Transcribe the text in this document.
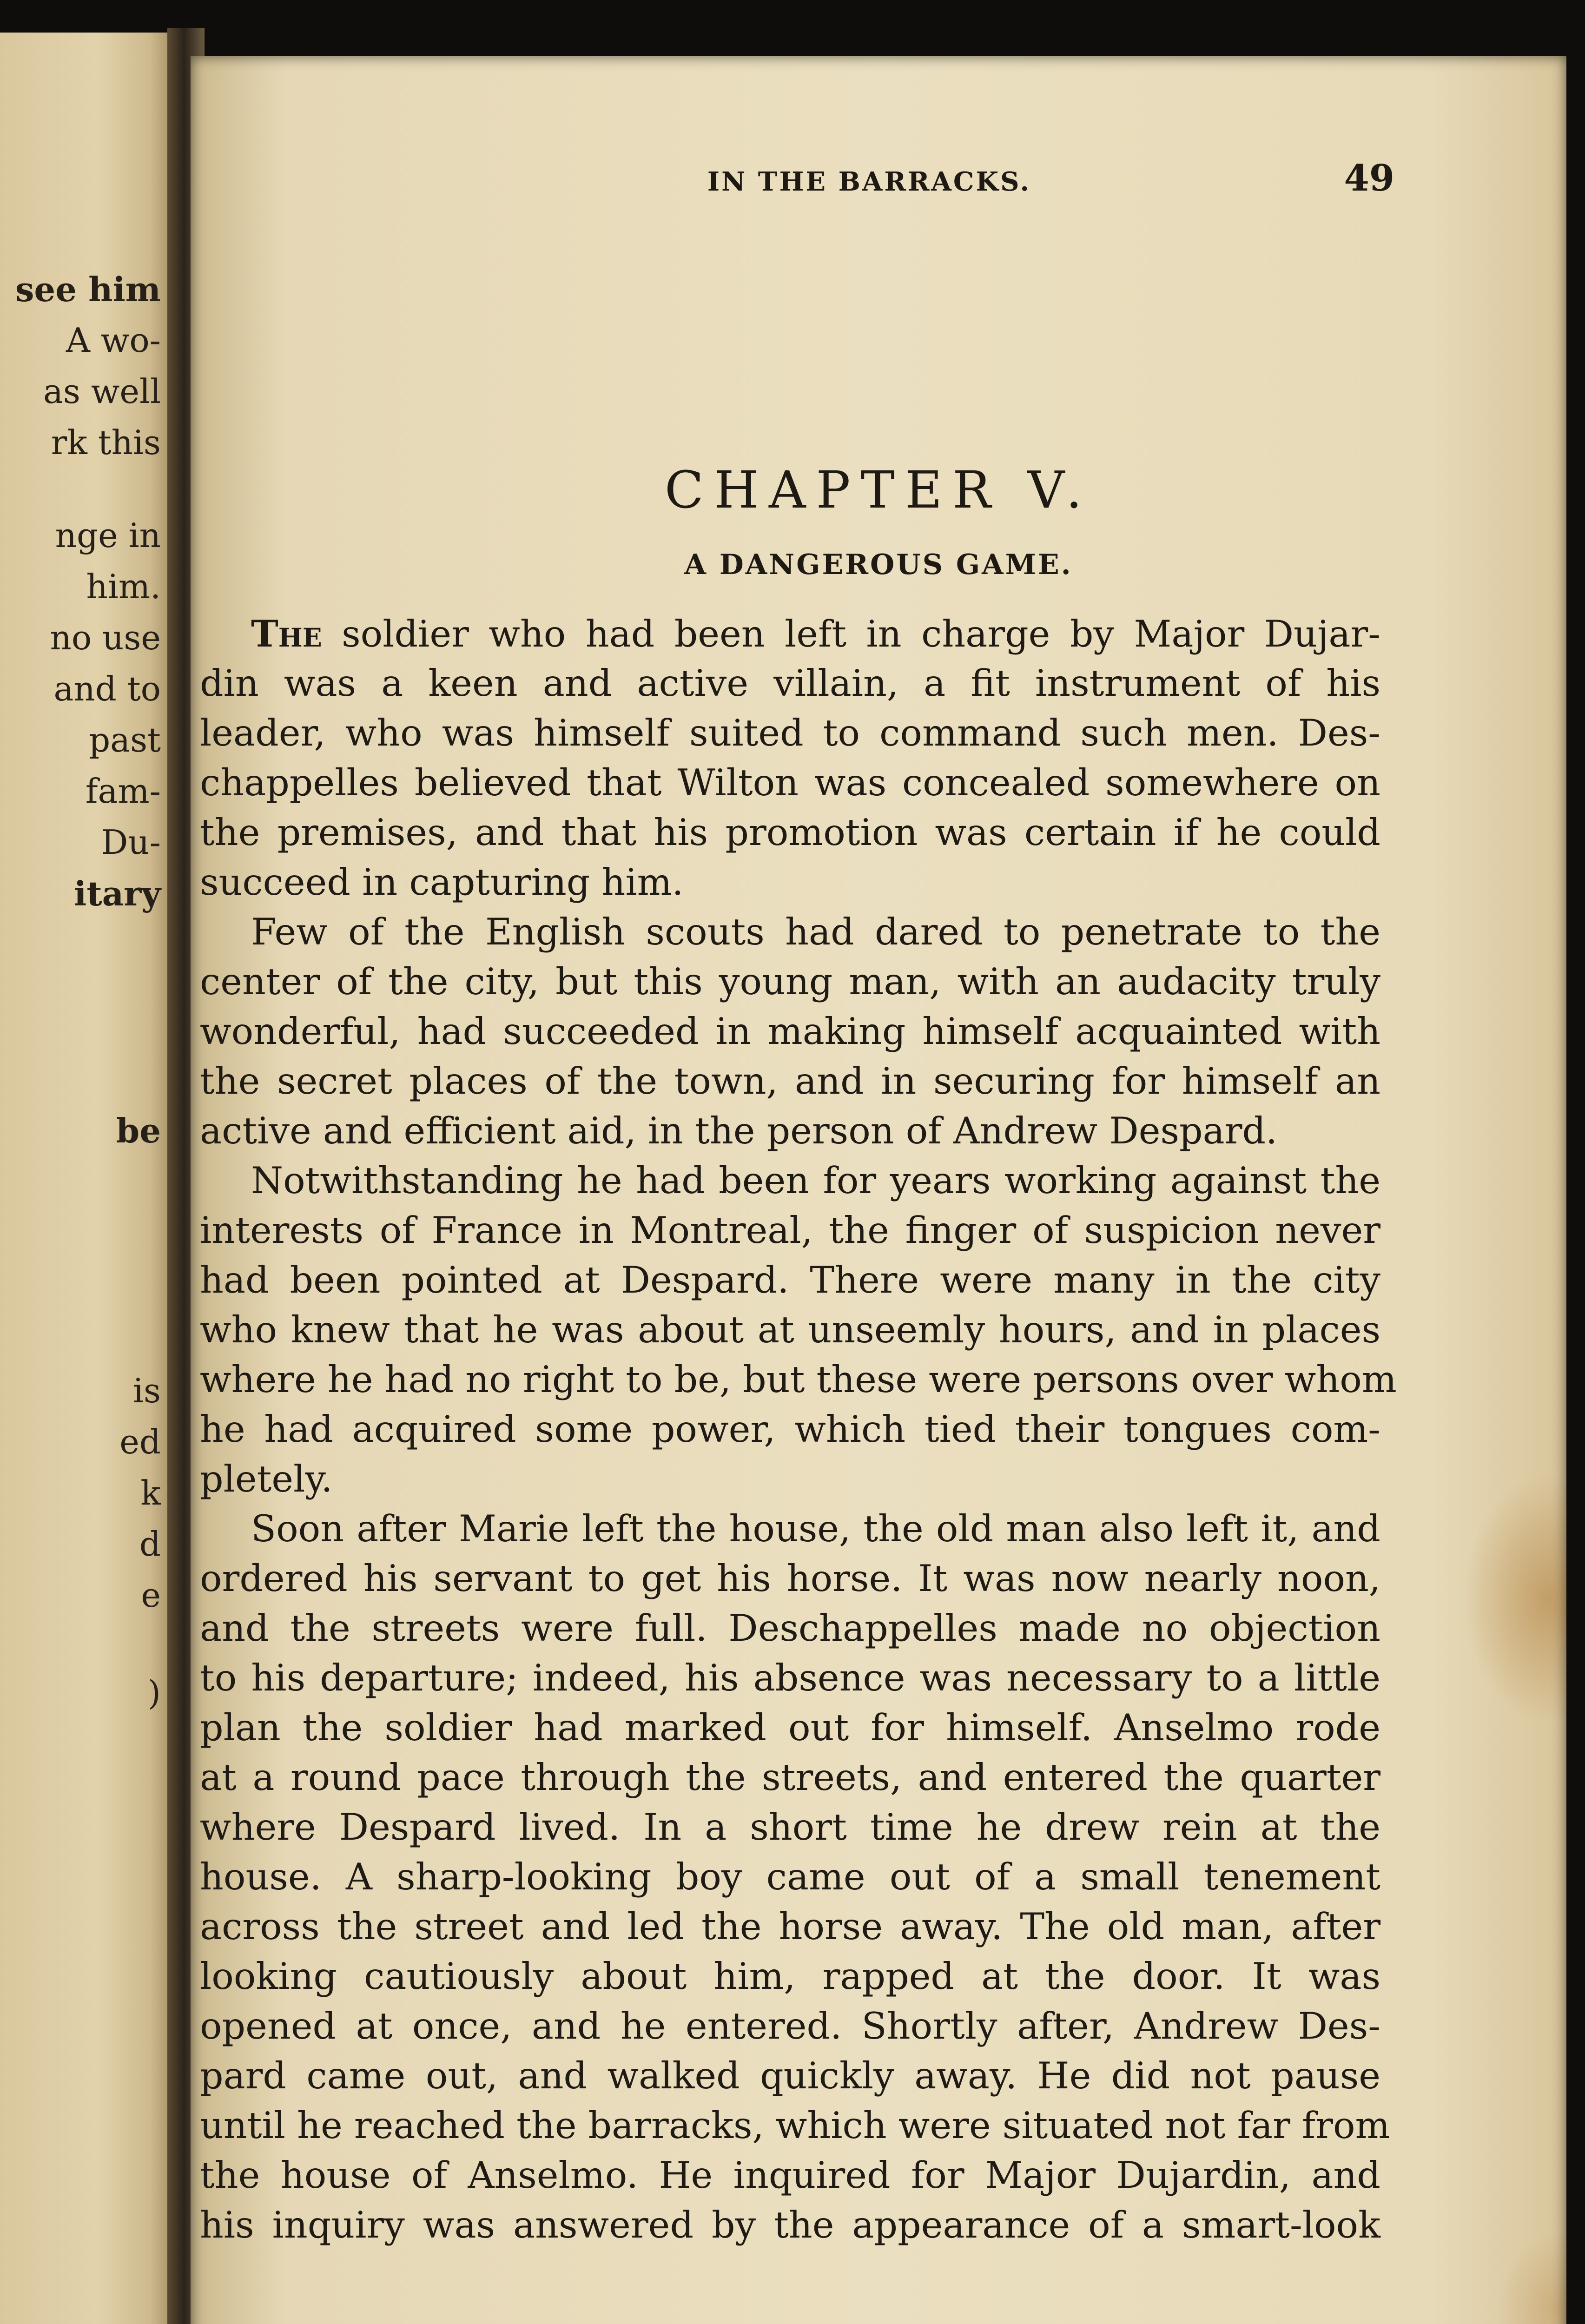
see him
A wo-
as well
rk this
nge in
him.
no use
and to
past
fam-
Du-
itary
be
is
ed
k
d
e
)
IN THE BARRACKS.	49
CHAPTER V.
A DANGEROUS GAME.
The soldier who had been left in charge by Major Dujar-
din was a keen and active villain, a fit instrument of his
leader, who was himself suited to command such men. Des-
chappelles believed that Wilton was concealed somewhere on
the premises, and that his promotion was certain if he could
succeed in capturing him.
Few of the English scouts had dared to penetrate to the
center of the city, but this young man, with an audacity truly
wonderful, had succeeded in making himself acquainted with
the secret places of the town, and in securing for himself an
active and efficient aid, in the person of Andrew Despard.
Notwithstanding he had been for years working against the
interests of France in Montreal, the finger of suspicion never
had been pointed at Despard. There were many in the city
who knew that he was about at unseemly hours, and in places
where he had no right to be, but these were persons over whom
he had acquired some power, which tied their tongues com-
pletely.
Soon after Marie left the house, the old man also left it, and
ordered his servant to get his horse. It was now nearly noon,
and the streets were full. Deschappelles made no objection
to his departure; indeed, his absence was necessary to a little
plan the soldier had marked out for himself. Anselmo rode
at a round pace through the streets, and entered the quarter
where Despard lived. In a short time he drew rein at the
house. A sharp-looking boy came out of a small tenement
across the street and led the horse away. The old man, after
looking cautiously about him, rapped at the door. It was
opened at once, and he entered. Shortly after, Andrew Des-
pard came out, and walked quickly away. He did not pause
until he reached the barracks, which were situated not far from
the house of Anselmo. He inquired for Major Dujardin, and
his inquiry was answered by the appearance of a smart-look
